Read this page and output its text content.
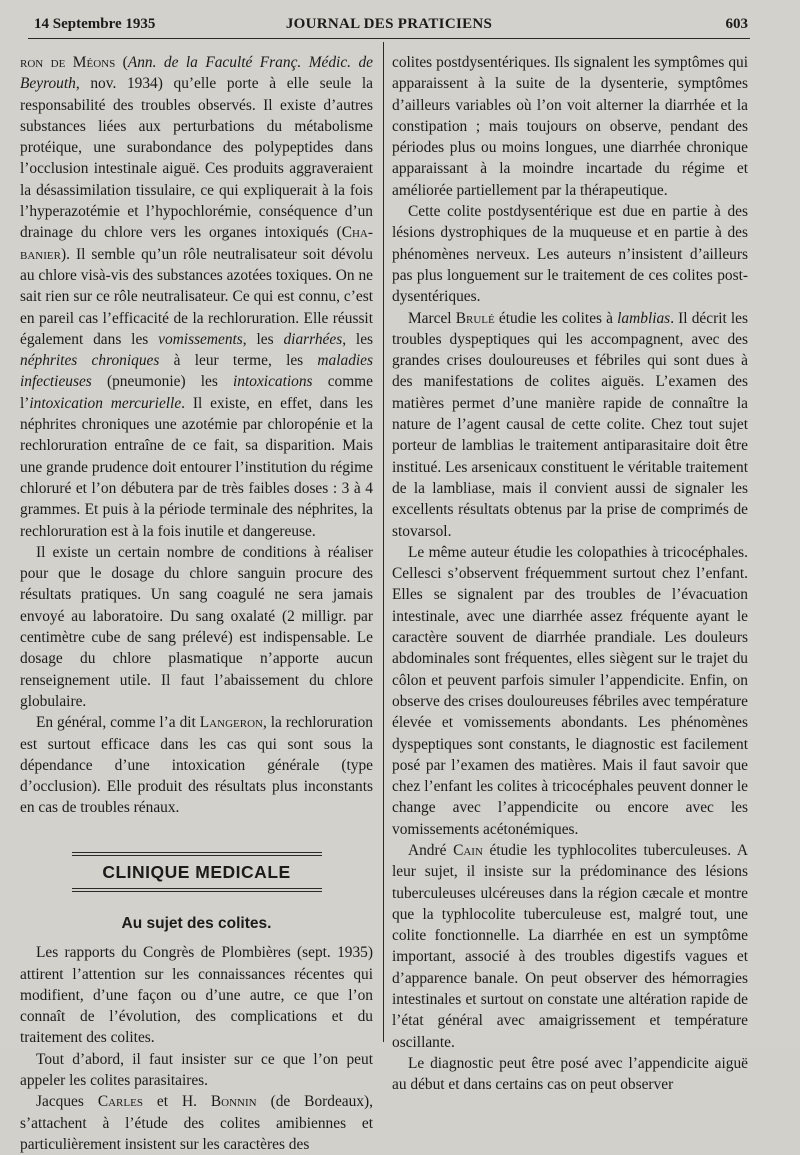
14 Septembre 1935	JOURNAL DES PRATICIENS	603

ron de Méons (Ann. de la Faculté Franç. Médic. de Beyrouth, nov. 1934) qu’elle porte à elle seule la responsabilité des troubles observés. Il existe d’autres substances liées aux perturbations du métabolisme protéique, une surabondance des polypeptides dans l’occlusion intestinale aiguë. Ces produits aggraveraient la désassimilation tissulaire, ce qui expliquerait à la fois l’hyperazotémie et l’hypochlorémie, conséquence d’un drainage du chlore vers les organes intoxiqués (Chabanier). Il semble qu’un rôle neutralisateur soit dévolu au chlore visà-vis des substances azotées toxiques. On ne sait rien sur ce rôle neutralisateur. Ce qui est connu, c’est en pareil cas l’efficacité de la rechloruration. Elle réussit également dans les vomissements, les diarrhées, les néphrites chroniques à leur terme, les maladies infectieuses (pneumonie) les intoxications comme l’intoxication mercurielle. Il existe, en effet, dans les néphrites chroniques une azotémie par chloropénie et la rechloruration entraîne de ce fait, sa disparition. Mais une grande prudence doit entourer l’institution du régime chloruré et l’on débutera par de très faibles doses : 3 à 4 grammes. Et puis à la période terminale des néphrites, la rechloruration est à la fois inutile et dangereuse.

Il existe un certain nombre de conditions à réaliser pour que le dosage du chlore sanguin procure des résultats pratiques. Un sang coagulé ne sera jamais envoyé au laboratoire. Du sang oxalaté (2 milligr. par centimètre cube de sang prélevé) est indispensable. Le dosage du chlore plasmatique n’apporte aucun renseignement utile. Il faut l’abaissement du chlore globulaire.

En général, comme l’a dit Langeron, la rechloruration est surtout efficace dans les cas qui sont sous la dépendance d’une intoxication générale (type d’occlusion). Elle produit des résultats plus inconstants en cas de troubles rénaux.

CLINIQUE MEDICALE
Au sujet des colites.

Les rapports du Congrès de Plombières (sept. 1935) attirent l’attention sur les connaissances récentes qui modifient, d’une façon ou d’une autre, ce que l’on connaît de l’évolution, des complications et du traitement des colites.

Tout d’abord, il faut insister sur ce que l’on peut appeler les colites parasitaires.

Jacques Carles et H. Bonnin (de Bordeaux), s’attachent à l’étude des colites amibiennes et particulièrement insistent sur les caractères des

colites postdysentériques. Ils signalent les symptômes qui apparaissent à la suite de la dysenterie, symptômes d’ailleurs variables où l’on voit alterner la diarrhée et la constipation ; mais toujours on observe, pendant des périodes plus ou moins longues, une diarrhée chronique apparaissant à la moindre incartade du régime et améliorée partiellement par la thérapeutique.

Cette colite postdysentérique est due en partie à des lésions dystrophiques de la muqueuse et en partie à des phénomènes nerveux. Les auteurs n’insistent d’ailleurs pas plus longuement sur le traitement de ces colites postdysentériques.

Marcel Brulé étudie les colites à lamblias. Il décrit les troubles dyspeptiques qui les accompagnent, avec des grandes crises douloureuses et fébriles qui sont dues à des manifestations de colites aiguës. L’examen des matières permet d’une manière rapide de connaître la nature de l’agent causal de cette colite. Chez tout sujet porteur de lamblias le traitement antiparasitaire doit être institué. Les arsenicaux constituent le véritable traitement de la lambliase, mais il convient aussi de signaler les excellents résultats obtenus par la prise de comprimés de stovarsol.

Le même auteur étudie les colopathies à tricocéphales. Cellesci s’observent fréquemment surtout chez l’enfant. Elles se signalent par des troubles de l’évacuation intestinale, avec une diarrhée assez fréquente ayant le caractère souvent de diarrhée prandiale. Les douleurs abdominales sont fréquentes, elles siègent sur le trajet du côlon et peuvent parfois simuler l’appendicite. Enfin, on observe des crises douloureuses fébriles avec température élevée et vomissements abondants. Les phénomènes dyspeptiques sont constants, le diagnostic est facilement posé par l’examen des matières. Mais il faut savoir que chez l’enfant les colites à tricocéphales peuvent donner le change avec l’appendicite ou encore avec les vomissements acétonémiques.

André Cain étudie les typhlocolites tuberculeuses. A leur sujet, il insiste sur la prédominance des lésions tuberculeuses ulcéreuses dans la région cæcale et montre que la typhlocolite tuberculeuse est, malgré tout, une colite fonctionnelle. La diarrhée en est un symptôme important, associé à des troubles digestifs vagues et d’apparence banale. On peut observer des hémorragies intestinales et surtout on constate une altération rapide de l’état général avec amaigrissement et température oscillante.

Le diagnostic peut être posé avec l’appendicite aiguë au début et dans certains cas on peut observer
